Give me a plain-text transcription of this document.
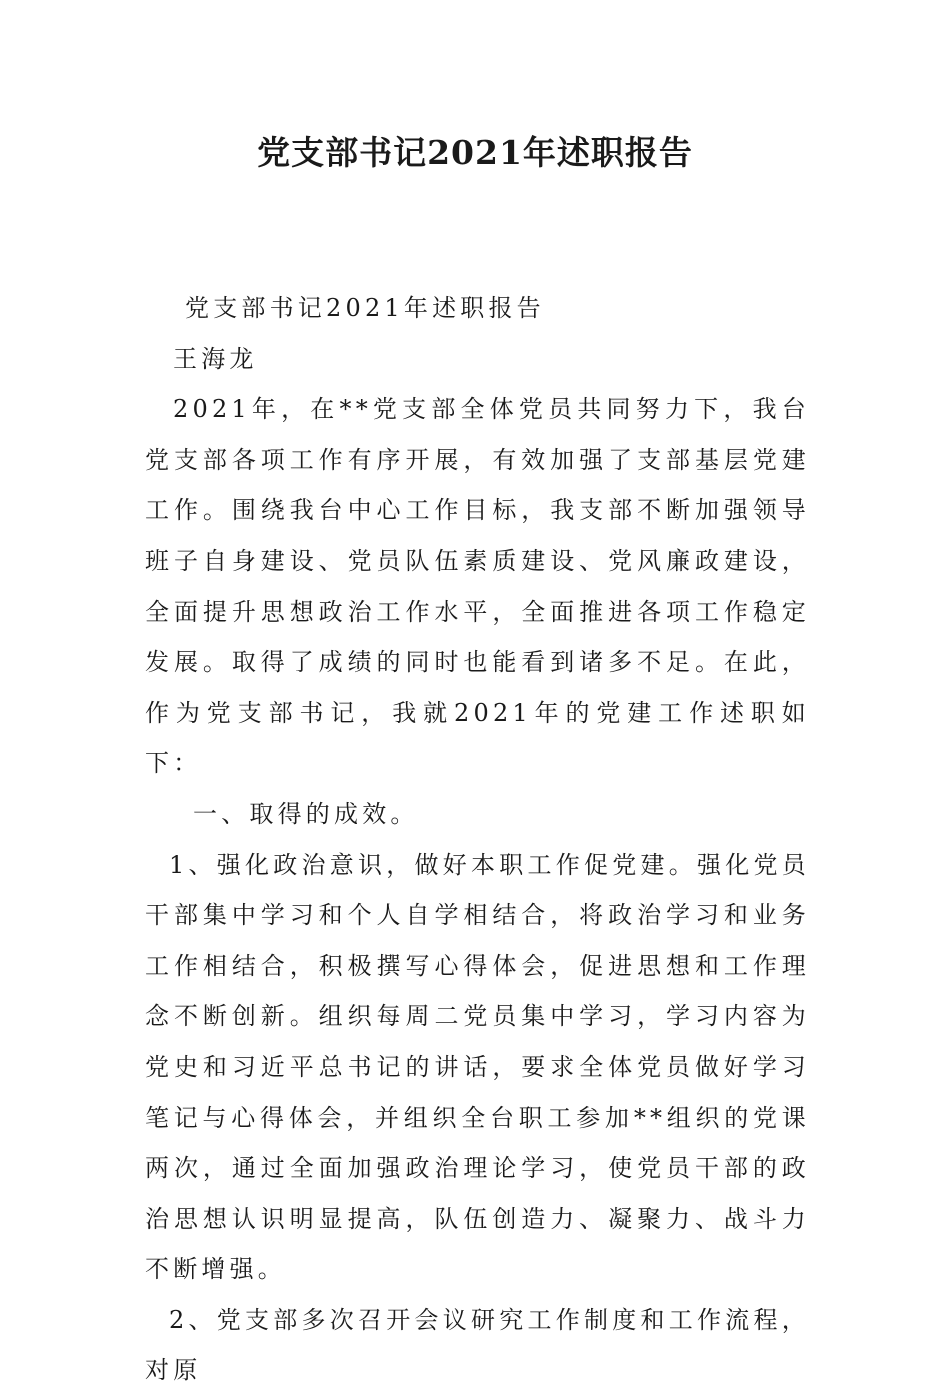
党支部书记2021年述职报告

党支部书记2021年述职报告

王海龙

2021年，在**党支部全体党员共同努力下，我台党支部各项工作有序开展，有效加强了支部基层党建工作。围绕我台中心工作目标，我支部不断加强领导班子自身建设、党员队伍素质建设、党风廉政建设，全面提升思想政治工作水平，全面推进各项工作稳定发展。取得了成绩的同时也能看到诸多不足。在此，作为党支部书记，我就2021年的党建工作述职如下：

一、取得的成效。

1、强化政治意识，做好本职工作促党建。强化党员干部集中学习和个人自学相结合，将政治学习和业务工作相结合，积极撰写心得体会，促进思想和工作理念不断创新。组织每周二党员集中学习，学习内容为党史和习近平总书记的讲话，要求全体党员做好学习笔记与心得体会，并组织全台职工参加**组织的党课两次，通过全面加强政治理论学习，使党员干部的政治思想认识明显提高，队伍创造力、凝聚力、战斗力不断增强。

2、党支部多次召开会议研究工作制度和工作流程，对原
